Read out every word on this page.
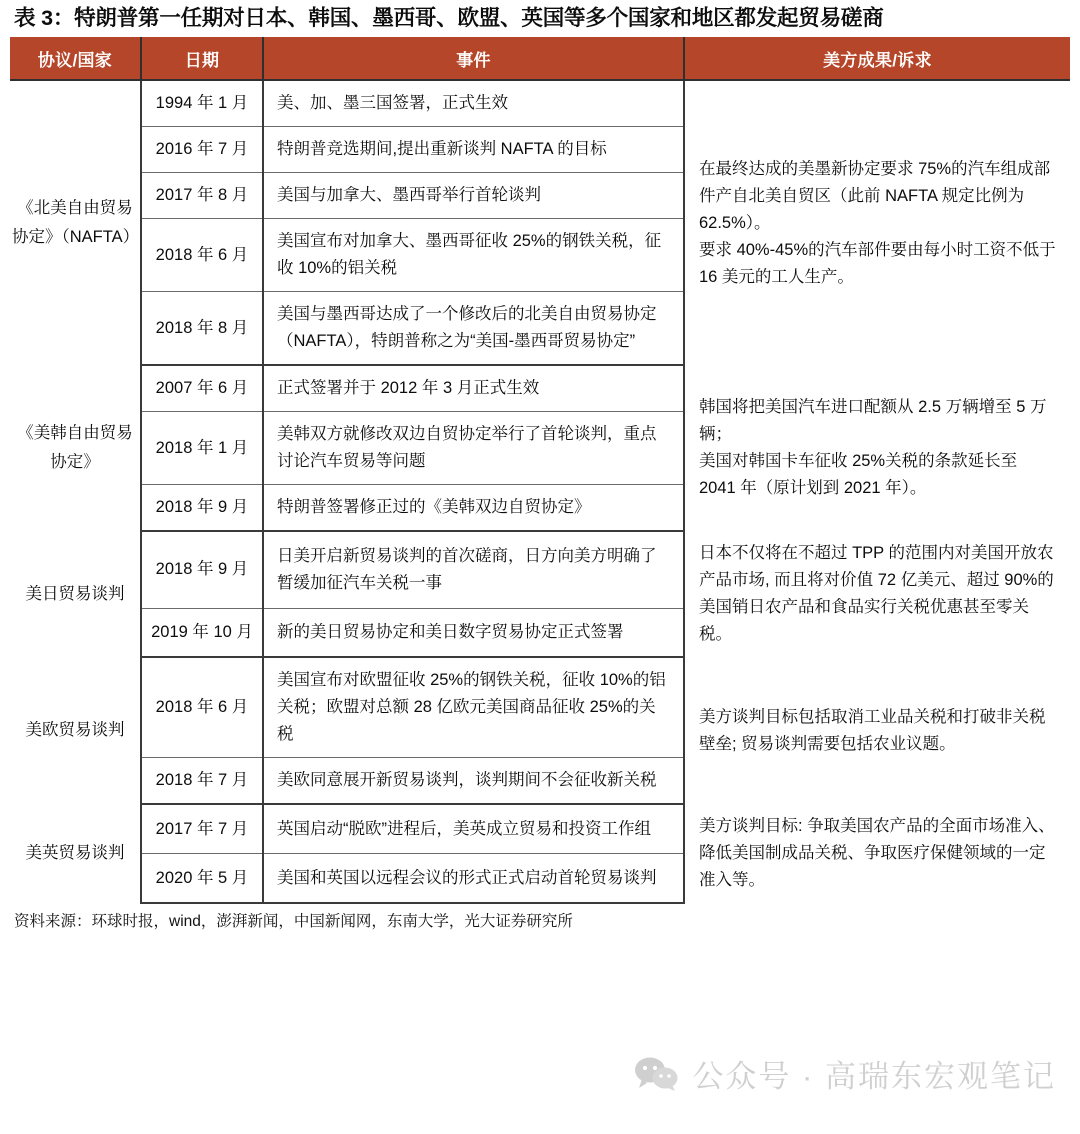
表 3：特朗普第一任期对日本、韩国、墨西哥、欧盟、英国等多个国家和地区都发起贸易磋商
协议/国家	日期	事件	美方成果/诉求
《北美自由贸易协定》（NAFTA）	1994 年 1 月	美、加、墨三国签署，正式生效	在最终达成的美墨新协定要求 75%的汽车组成部件产自北美自贸区（此前 NAFTA 规定比例为 62.5%）。
要求 40%-45%的汽车部件要由每小时工资不低于 16 美元的工人生产。
	2016 年 7 月	特朗普竞选期间,提出重新谈判 NAFTA 的目标	
	2017 年 8 月	美国与加拿大、墨西哥举行首轮谈判	
	2018 年 6 月	美国宣布对加拿大、墨西哥征收 25%的钢铁关税，征收 10%的铝关税	
	2018 年 8 月	美国与墨西哥达成了一个修改后的北美自由贸易协定（NAFTA），特朗普称之为“美国-墨西哥贸易协定”	
《美韩自由贸易协定》	2007 年 6 月	正式签署并于 2012 年 3 月正式生效	韩国将把美国汽车进口配额从 2.5 万辆增至 5 万辆；
美国对韩国卡车征收 25%关税的条款延长至 2041 年（原计划到 2021 年）。
	2018 年 1 月	美韩双方就修改双边自贸协定举行了首轮谈判，重点讨论汽车贸易等问题	
	2018 年 9 月	特朗普签署修正过的《美韩双边自贸协定》	
美日贸易谈判	2018 年 9 月	日美开启新贸易谈判的首次磋商，日方向美方明确了暂缓加征汽车关税一事	日本不仅将在不超过 TPP 的范围内对美国开放农产品市场, 而且将对价值 72 亿美元、超过 90%的美国销日农产品和食品实行关税优惠甚至零关税。
	2019 年 10 月	新的美日贸易协定和美日数字贸易协定正式签署	
美欧贸易谈判	2018 年 6 月	美国宣布对欧盟征收 25%的钢铁关税，征收 10%的铝关税；欧盟对总额 28 亿欧元美国商品征收 25%的关税	美方谈判目标包括取消工业品关税和打破非关税壁垒; 贸易谈判需要包括农业议题。
	2018 年 7 月	美欧同意展开新贸易谈判，谈判期间不会征收新关税	
美英贸易谈判	2017 年 7 月	英国启动“脱欧”进程后，美英成立贸易和投资工作组	美方谈判目标: 争取美国农产品的全面市场准入、降低美国制成品关税、争取医疗保健领域的一定准入等。
	2020 年 5 月	美国和英国以远程会议的形式正式启动首轮贸易谈判	
资料来源：环球时报，wind，澎湃新闻，中国新闻网，东南大学，光大证券研究所
公众号 · 高瑞东宏观笔记
